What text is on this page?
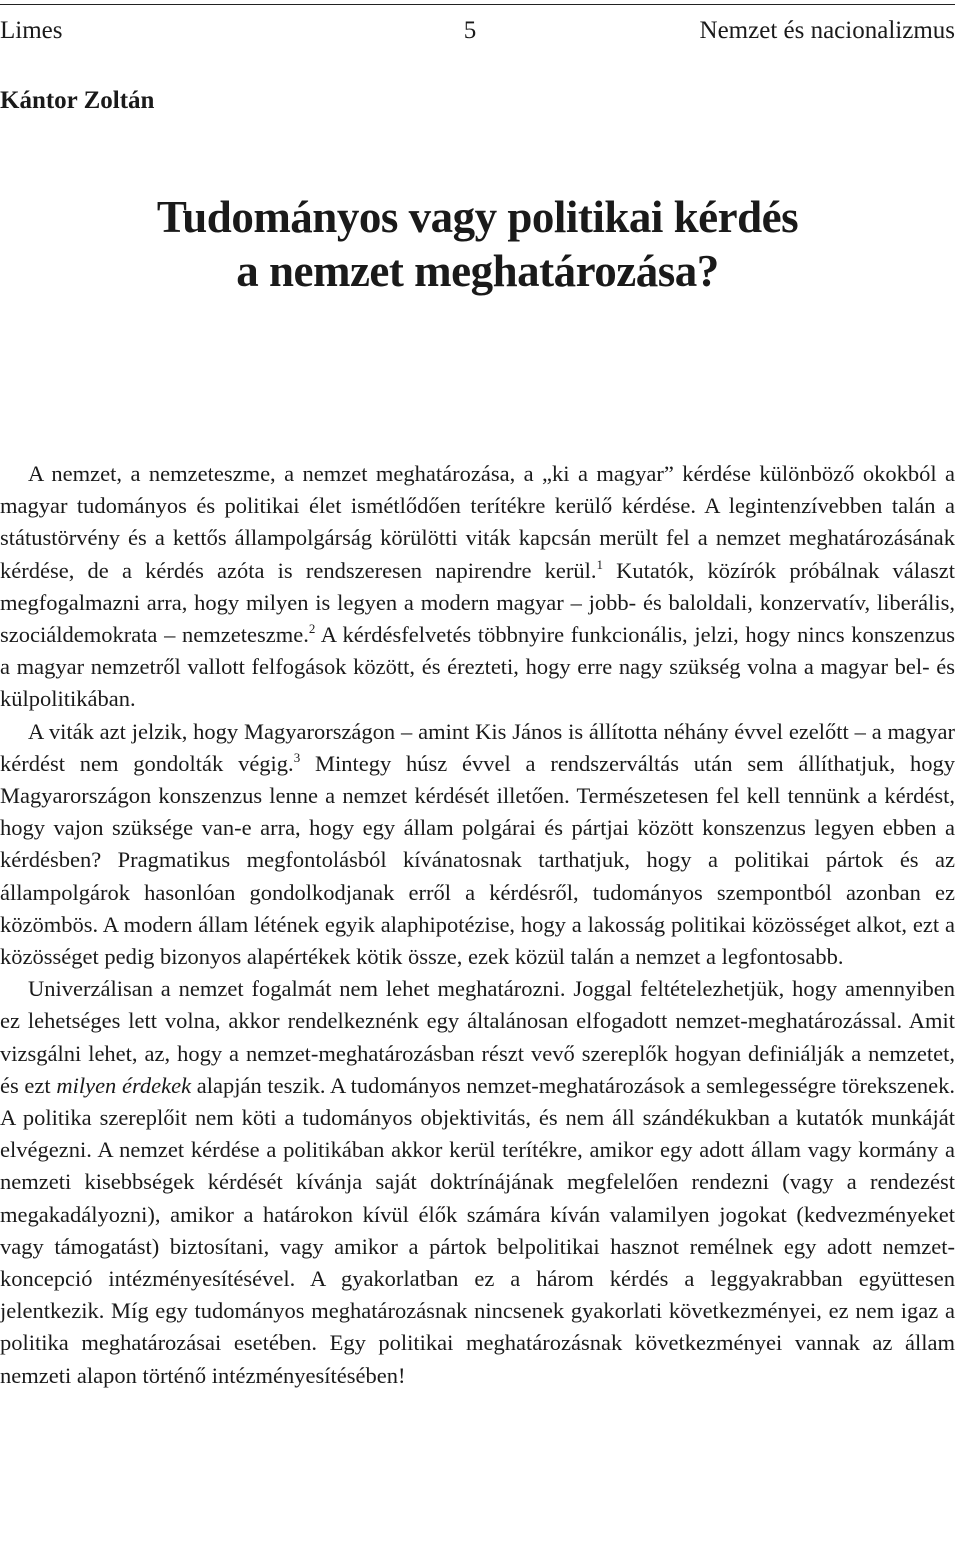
Limes	5	Nemzet és nacionalizmus
Kántor Zoltán
Tudományos vagy politikai kérdés
a nemzet meghatározása?

A nemzet, a nemzeteszme, a nemzet meghatározása, a „ki a magyar” kérdése különböző okokból a magyar tudományos és politikai élet ismétlődően terítékre kerülő kérdése. A legintenzívebben talán a státustörvény és a kettős állampolgárság körülötti viták kapcsán merült fel a nemzet meghatározásának kérdése, de a kérdés azóta is rendszeresen napirendre kerül.$^1$ Kutatók, közírók próbálnak választ megfogalmazni arra, hogy milyen is legyen a modern magyar – jobb- és baloldali, konzervatív, liberális, szociáldemokrata – nemzeteszme.$^2$ A kérdésfelvetés többnyire funkcionális, jelzi, hogy nincs konszenzus a magyar nemzetről vallott felfogások között, és érezteti, hogy erre nagy szükség volna a magyar bel- és külpolitikában.

A viták azt jelzik, hogy Magyarországon – amint Kis János is állította néhány évvel ezelőtt – a magyar kérdést nem gondolták végig.$^3$ Mintegy húsz évvel a rendszerváltás után sem állíthatjuk, hogy Magyarországon konszenzus lenne a nemzet kérdését illetően. Természetesen fel kell tennünk a kérdést, hogy vajon szüksége van-e arra, hogy egy állam polgárai és pártjai között konszenzus legyen ebben a kérdésben? Pragmatikus megfontolásból kívánatosnak tarthatjuk, hogy a politikai pártok és az állampolgárok hasonlóan gondolkodjanak erről a kérdésről, tudományos szempontból azonban ez közömbös. A modern állam létének egyik alaphipotézise, hogy a lakosság politikai közösséget alkot, ezt a közösséget pedig bizonyos alapértékek kötik össze, ezek közül talán a nemzet a legfontosabb.

Univerzálisan a nemzet fogalmát nem lehet meghatározni. Joggal feltételezhetjük, hogy amennyiben ez lehetséges lett volna, akkor rendelkeznénk egy általánosan elfogadott nemzet-meghatározással. Amit vizsgálni lehet, az, hogy a nemzet-meghatározásban részt vevő szereplők hogyan definiálják a nemzetet, és ezt milyen érdekek alapján teszik. A tudományos nemzet-meghatározások a semlegességre törekszenek. A politika szereplőit nem köti a tudományos objektivitás, és nem áll szándékukban a kutatók munkáját elvégezni. A nemzet kérdése a politikában akkor kerül terítékre, amikor egy adott állam vagy kormány a nemzeti kisebbségek kérdését kívánja saját doktrínájának megfelelően rendezni (vagy a rendezést megakadályozni), amikor a határokon kívül élők számára kíván valamilyen jogokat (kedvezményeket vagy támogatást) biztosítani, vagy amikor a pártok belpolitikai hasznot remélnek egy adott nemzet-koncepció intézményesítésével. A gyakorlatban ez a három kérdés a leggyakrabban együttesen jelentkezik. Míg egy tudományos meghatározásnak nincsenek gyakorlati következményei, ez nem igaz a politika meghatározásai esetében. Egy politikai meghatározásnak következményei vannak az állam nemzeti alapon történő intézményesítésében!
